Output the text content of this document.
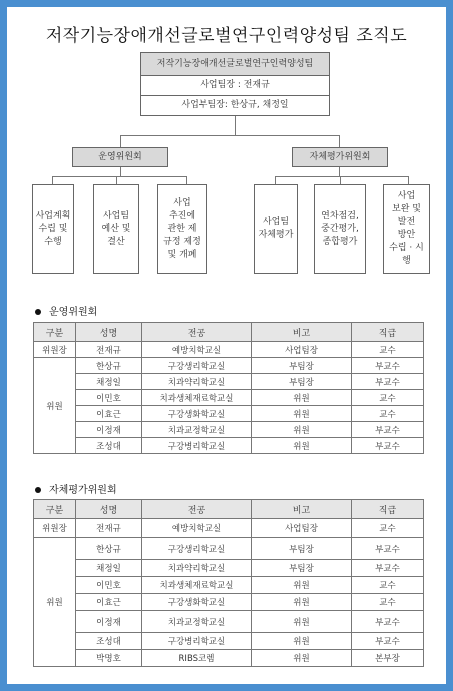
저작기능장애개선글로벌연구인력양성팀 조직도
저작기능장애개선글로벌연구인력양성팀
사업팀장 : 전재규
사업부팀장: 한상규, 채정일
운영위원회	자체평가위원회
사업계획
수립 및
수행
사업팀
예산 및
결산
사업
추진에
관한 제
규정 제정
및 개폐
사업팀
자체평가
연차점검,
중간평가,
종합평가
사업
보완 및
발전
방안
수립 · 시
행
운영위원회
구분	성명	전공	비고	직급
위원장	전재규	예방치학교실	사업팀장	교수
위원	한상규	구강생리학교실	부팀장	부교수
	채정일	치과약리학교실	부팀장	부교수
	이민호	치과생체재료학교실	위원	교수
	이효근	구강생화학교실	위원	교수
	이정재	치과교정학교실	위원	부교수
	조성대	구강병리학교실	위원	부교수
자체평가위원회
구분	성명	전공	비고	직급
위원장	전재규	예방치학교실	사업팀장	교수
위원	한상규	구강생리학교실	부팀장	부교수
	채정일	치과약리학교실	부팀장	부교수
	이민호	치과생체재료학교실	위원	교수
	이효근	구강생화학교실	위원	교수
	이정재	치과교정학교실	위원	부교수
	조성대	구강병리학교실	위원	부교수
	박명호	RIBS코렘	위원	본부장
